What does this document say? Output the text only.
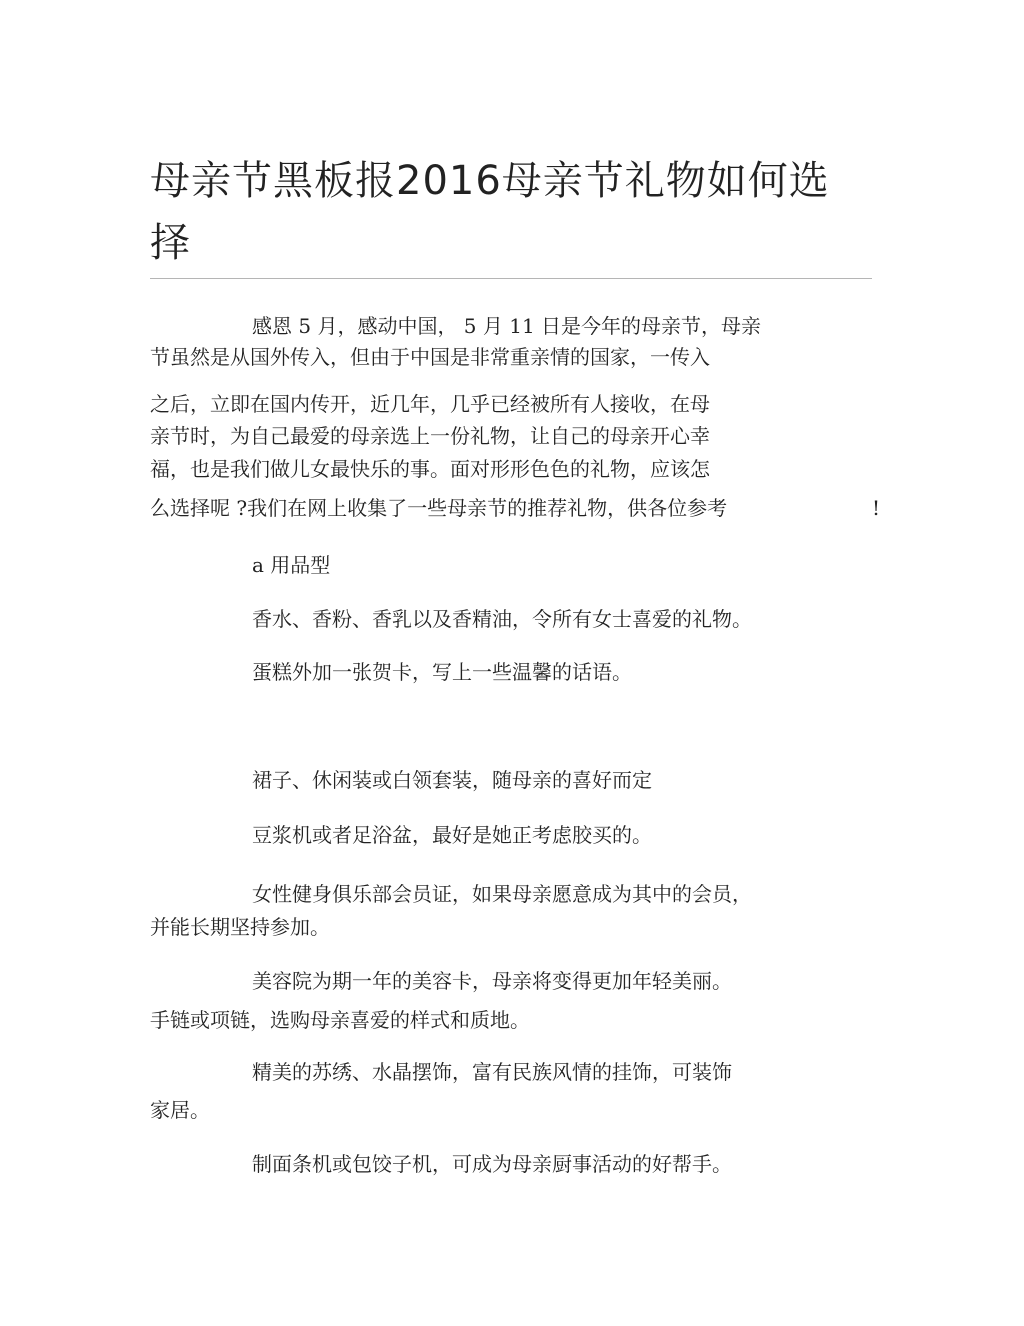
母亲节黑板报2016母亲节礼物如何选择

感恩 5 月，感动中国， 5 月 11 日是今年的母亲节，母亲

节虽然是从国外传入，但由于中国是非常重亲情的国家，一传入

之后，立即在国内传开，近几年，几乎已经被所有人接收，在母

亲节时，为自己最爱的母亲选上一份礼物，让自己的母亲开心幸

福，也是我们做儿女最快乐的事。面对形形色色的礼物，应该怎

么选择呢 ?我们在网上收集了一些母亲节的推荐礼物，供各位参考	!

a 用品型

香水、香粉、香乳以及香精油，令所有女士喜爱的礼物。

蛋糕外加一张贺卡，写上一些温馨的话语。

裙子、休闲装或白领套装，随母亲的喜好而定

豆浆机或者足浴盆，最好是她正考虑胶买的。

女性健身俱乐部会员证，如果母亲愿意成为其中的会员，

并能长期坚持参加。

美容院为期一年的美容卡，母亲将变得更加年轻美丽。

手链或项链，选购母亲喜爱的样式和质地。

精美的苏绣、水晶摆饰，富有民族风情的挂饰，可装饰

家居。

制面条机或包饺子机，可成为母亲厨事活动的好帮手。
